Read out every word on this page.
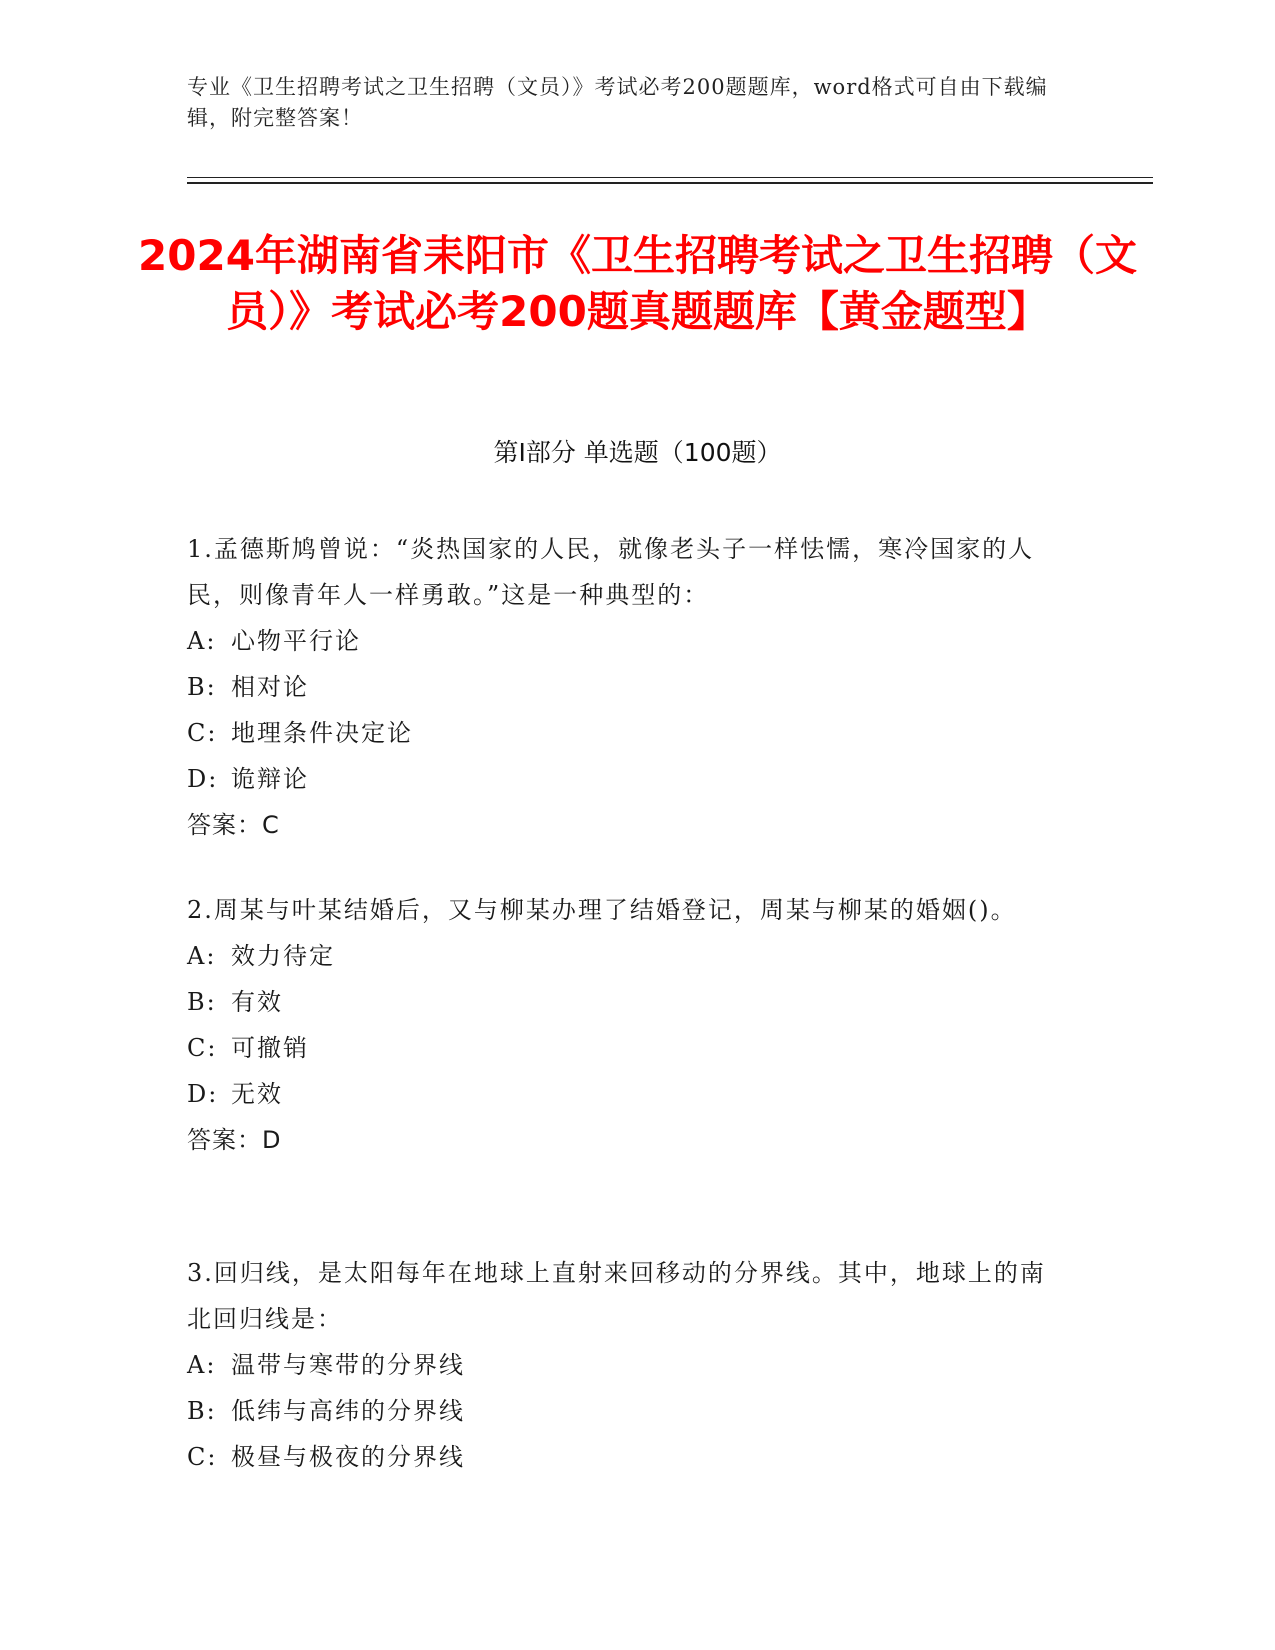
专业《卫生招聘考试之卫生招聘（文员）》考试必考200题题库，word格式可自由下载编辑，附完整答案！
2024年湖南省耒阳市《卫生招聘考试之卫生招聘（文员）》考试必考200题真题题库【黄金题型】
第I部分 单选题（100题）
1.孟德斯鸠曾说：“炎热国家的人民，就像老头子一样怯懦，寒冷国家的人民，则像青年人一样勇敢。”这是一种典型的：
A: 心物平行论
B: 相对论
C: 地理条件决定论
D: 诡辩论
答案：C
2.周某与叶某结婚后，又与柳某办理了结婚登记，周某与柳某的婚姻()。
A: 效力待定
B: 有效
C: 可撤销
D: 无效
答案：D
3.回归线，是太阳每年在地球上直射来回移动的分界线。其中，地球上的南北回归线是：
A: 温带与寒带的分界线
B: 低纬与高纬的分界线
C: 极昼与极夜的分界线
